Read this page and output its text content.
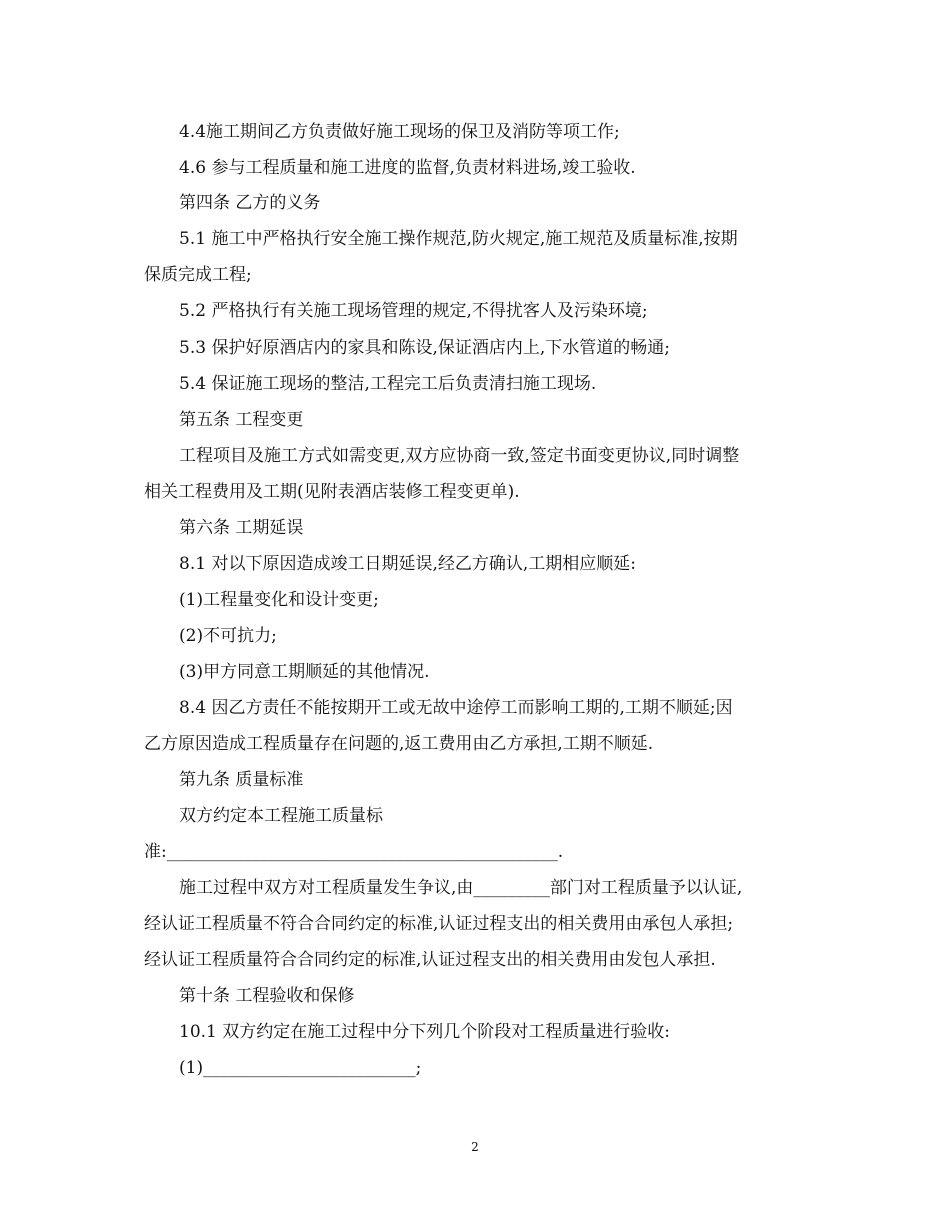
4.4施工期间乙方负责做好施工现场的保卫及消防等项工作;
4.6 参与工程质量和施工进度的监督,负责材料进场,竣工验收.
第四条 乙方的义务
5.1 施工中严格执行安全施工操作规范,防火规定,施工规范及质量标准,按期
保质完成工程;
5.2 严格执行有关施工现场管理的规定,不得扰客人及污染环境;
5.3 保护好原酒店内的家具和陈设,保证酒店内上,下水管道的畅通;
5.4 保证施工现场的整洁,工程完工后负责清扫施工现场.
第五条 工程变更
工程项目及施工方式如需变更,双方应协商一致,签定书面变更协议,同时调整
相关工程费用及工期(见附表酒店装修工程变更单).
第六条 工期延误
8.1 对以下原因造成竣工日期延误,经乙方确认,工期相应顺延:
(1)工程量变化和设计变更;
(2)不可抗力;
(3)甲方同意工期顺延的其他情况.
8.4 因乙方责任不能按期开工或无故中途停工而影响工期的,工期不顺延;因
乙方原因造成工程质量存在问题的,返工费用由乙方承担,工期不顺延.
第九条 质量标准
双方约定本工程施工质量标
准:______________________________________________.
施工过程中双方对工程质量发生争议,由_________部门对工程质量予以认证,
经认证工程质量不符合合同约定的标准,认证过程支出的相关费用由承包人承担;
经认证工程质量符合合同约定的标准,认证过程支出的相关费用由发包人承担.
第十条 工程验收和保修
10.1 双方约定在施工过程中分下列几个阶段对工程质量进行验收:
(1)_________________________;
2
